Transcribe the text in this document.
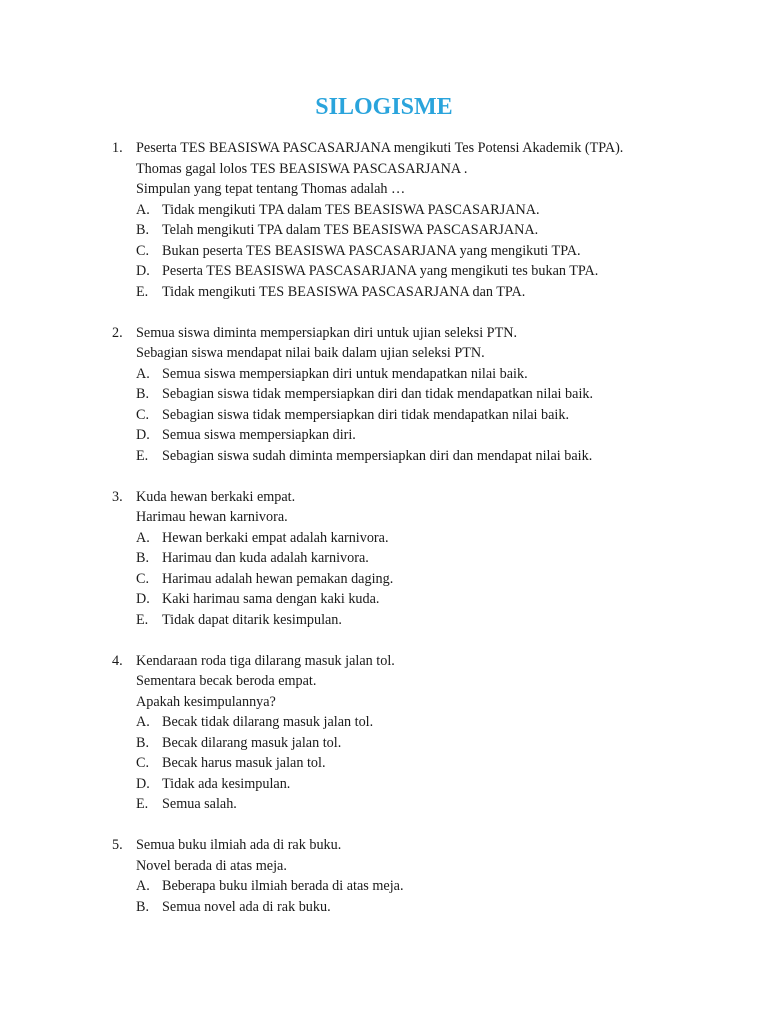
SILOGISME
1. Peserta TES BEASISWA PASCASARJANA mengikuti Tes Potensi Akademik (TPA).
Thomas gagal lolos TES BEASISWA PASCASARJANA .
Simpulan yang tepat tentang Thomas adalah …
A. Tidak mengikuti TPA dalam TES BEASISWA PASCASARJANA.
B. Telah mengikuti TPA dalam TES BEASISWA PASCASARJANA.
C. Bukan peserta TES BEASISWA PASCASARJANA yang mengikuti TPA.
D. Peserta TES BEASISWA PASCASARJANA yang mengikuti tes bukan TPA.
E. Tidak mengikuti TES BEASISWA PASCASARJANA dan TPA.
2. Semua siswa diminta mempersiapkan diri untuk ujian seleksi PTN.
Sebagian siswa mendapat nilai baik dalam ujian seleksi PTN.
A. Semua siswa mempersiapkan diri untuk mendapatkan nilai baik.
B. Sebagian siswa tidak mempersiapkan diri dan tidak mendapatkan nilai baik.
C. Sebagian siswa tidak mempersiapkan diri tidak mendapatkan nilai baik.
D. Semua siswa mempersiapkan diri.
E. Sebagian siswa sudah diminta mempersiapkan diri dan mendapat nilai baik.
3. Kuda hewan berkaki empat.
Harimau hewan karnivora.
A. Hewan berkaki empat adalah karnivora.
B. Harimau dan kuda adalah karnivora.
C. Harimau adalah hewan pemakan daging.
D. Kaki harimau sama dengan kaki kuda.
E. Tidak dapat ditarik kesimpulan.
4. Kendaraan roda tiga dilarang masuk jalan tol.
Sementara becak beroda empat.
Apakah kesimpulannya?
A. Becak tidak dilarang masuk jalan tol.
B. Becak dilarang masuk jalan tol.
C. Becak harus masuk jalan tol.
D. Tidak ada kesimpulan.
E. Semua salah.
5. Semua buku ilmiah ada di rak buku.
Novel berada di atas meja.
A. Beberapa buku ilmiah berada di atas meja.
B. Semua novel ada di rak buku.
